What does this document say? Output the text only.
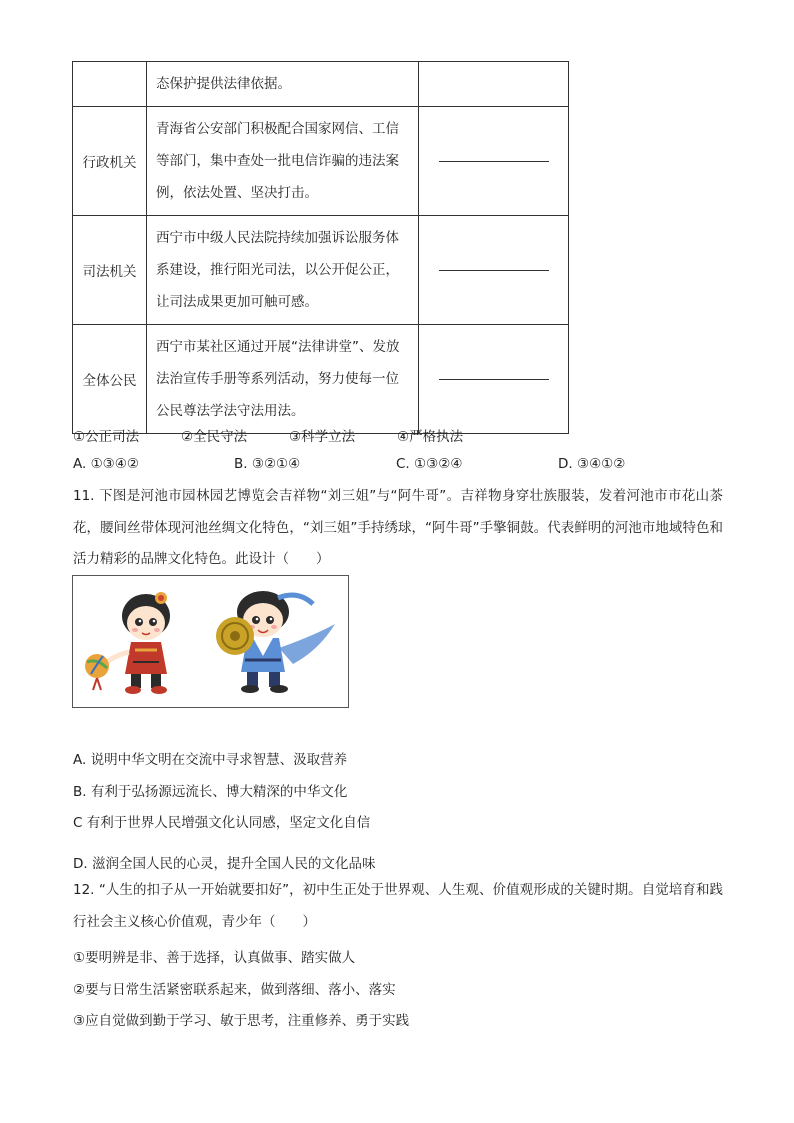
	态保护提供法律依据。	
行政机关	青海省公安部门积极配合国家网信、工信等部门，集中查处一批电信诈骗的违法案例，依法处置、坚决打击。	

司法机关	西宁市中级人民法院持续加强诉讼服务体系建设，推行阳光司法，以公开促公正，让司法成果更加可触可感。	

全体公民	西宁市某社区通过开展“法律讲堂”、发放法治宣传手册等系列活动，努力使每一位公民尊法学法守法用法。	
①公正司法	②全民守法	③科学立法	④严格执法
A. ①③④②	B. ③②①④	C. ①③②④	D. ③④①②
11. 下图是河池市园林园艺博览会吉祥物“刘三姐”与“阿牛哥”。吉祥物身穿壮族服装，发着河池市市花山茶花，腰间丝带体现河池丝绸文化特色，“刘三姐”手持绣球，“阿牛哥”手擎铜鼓。代表鲜明的河池市地域特色和活力精彩的品牌文化特色。此设计（　　）
A. 说明中华文明在交流中寻求智慧、汲取营养
B. 有利于弘扬源远流长、博大精深的中华文化
C 有利于世界人民增强文化认同感，坚定文化自信
D. 滋润全国人民的心灵，提升全国人民的文化品味
12. “人生的扣子从一开始就要扣好”，初中生正处于世界观、人生观、价值观形成的关键时期。自觉培育和践行社会主义核心价值观，青少年（　　）
①要明辨是非、善于选择，认真做事、踏实做人
②要与日常生活紧密联系起来，做到落细、落小、落实
③应自觉做到勤于学习、敏于思考，注重修养、勇于实践
